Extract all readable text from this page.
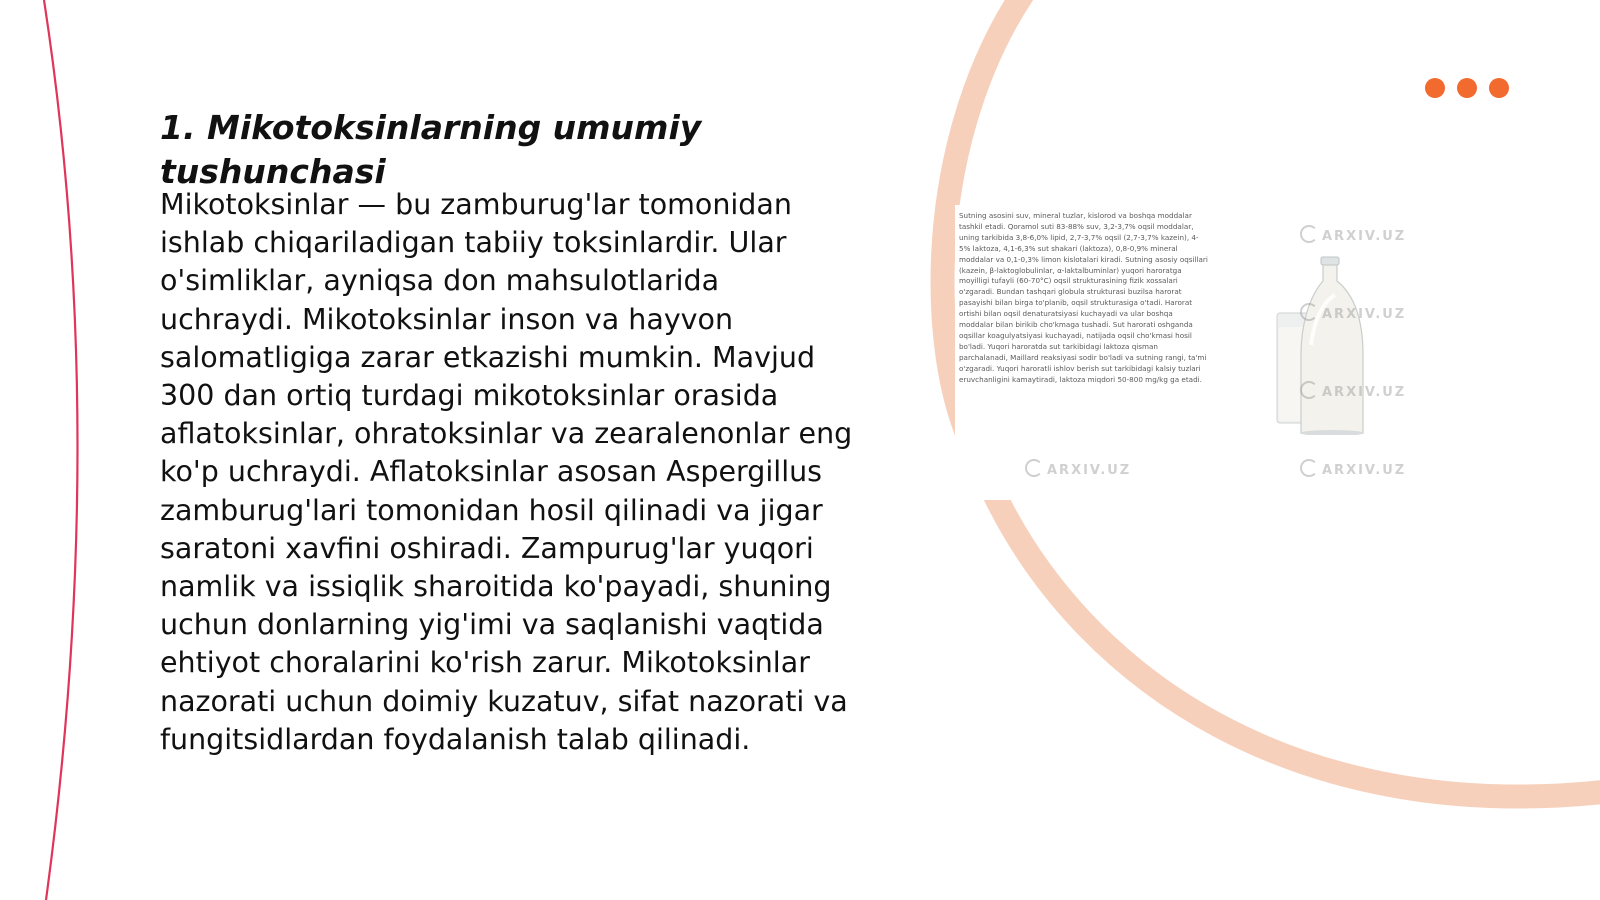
1. Mikotoksinlarning umumiy tushunchasi

Mikotoksinlar — bu zamburug'lar tomonidan ishlab chiqariladigan tabiiy toksinlardir. Ular o'simliklar, ayniqsa don mahsulotlarida uchraydi. Mikotoksinlar inson va hayvon salomatligiga zarar etkazishi mumkin. Mavjud 300 dan ortiq turdagi mikotoksinlar orasida aflatoksinlar, ohratoksinlar va zearalenonlar eng ko'p uchraydi. Aflatoksinlar asosan Aspergillus zamburug'lari tomonidan hosil qilinadi va jigar saratoni xavfini oshiradi. Zampurug'lar yuqori namlik va issiqlik sharoitida ko'payadi, shuning uchun donlarning yig'imi va saqlanishi vaqtida ehtiyot choralarini ko'rish zarur. Mikotoksinlar nazorati uchun doimiy kuzatuv, sifat nazorati va fungitsidlardan foydalanish talab qilinadi.

Sutning asosini suv, mineral tuzlar, kislorod va boshqa moddalar tashkil etadi. Qoramol suti 83-88% suv, 3,2-3,7% oqsil moddalar, uning tarkibida 3,8-6,0% lipid, 2,7-3,7% oqsil (2,7-3,7% kazein), 4-5% laktoza, 4,1-6,3% sut shakari (laktoza), 0,8-0,9% mineral moddalar va 0,1-0,3% limon kislotalari kiradi. Sutning asosiy oqsillari (kazein, β-laktoglobulinlar, α-laktalbuminlar) yuqori haroratga moyilligi tufayli (60-70°C) oqsil strukturasining fizik xossalari o'zgaradi. Bundan tashqari globula strukturasi buzilsa harorat pasayishi bilan birga to'planib, oqsil strukturasiga o'tadi. Harorat ortishi bilan oqsil denaturatsiyasi kuchayadi va ular boshqa moddalar bilan birikib cho'kmaga tushadi. Sut harorati oshganda oqsillar koagulyatsiyasi kuchayadi, natijada oqsil cho'kmasi hosil bo'ladi. Yuqori haroratda sut tarkibidagi laktoza qisman parchalanadi, Maillard reaksiyasi sodir bo'ladi va sutning rangi, ta'mi o'zgaradi. Yuqori haroratli ishlov berish sut tarkibidagi kalsiy tuzlari eruvchanligini kamaytiradi, laktoza miqdori 50-800 mg/kg ga etadi.

ARXIV.UZ
ARXIV.UZ
ARXIV.UZ
ARXIV.UZ	ARXIV.UZ
